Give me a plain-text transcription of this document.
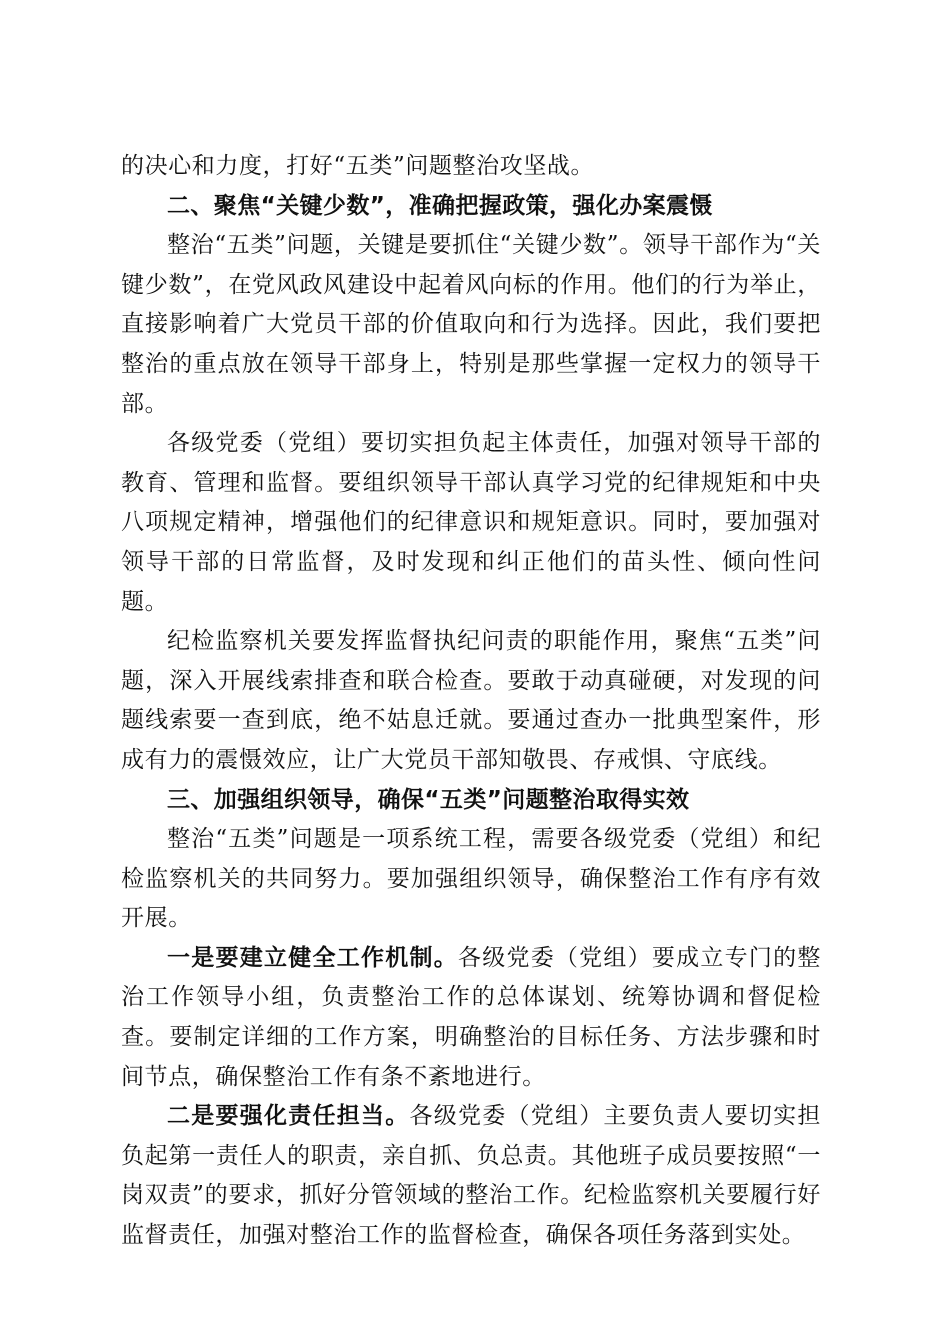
的决心和力度，打好“五类”问题整治攻坚战。

二、聚焦“关键少数”，准确把握政策，强化办案震慑

整治“五类”问题，关键是要抓住“关键少数”。领导干部作为“关键少数”，在党风政风建设中起着风向标的作用。他们的行为举止，直接影响着广大党员干部的价值取向和行为选择。因此，我们要把整治的重点放在领导干部身上，特别是那些掌握一定权力的领导干部。

各级党委（党组）要切实担负起主体责任，加强对领导干部的教育、管理和监督。要组织领导干部认真学习党的纪律规矩和中央八项规定精神，增强他们的纪律意识和规矩意识。同时，要加强对领导干部的日常监督，及时发现和纠正他们的苗头性、倾向性问题。

纪检监察机关要发挥监督执纪问责的职能作用，聚焦“五类”问题，深入开展线索排查和联合检查。要敢于动真碰硬，对发现的问题线索要一查到底，绝不姑息迁就。要通过查办一批典型案件，形成有力的震慑效应，让广大党员干部知敬畏、存戒惧、守底线。

三、加强组织领导，确保“五类”问题整治取得实效

整治“五类”问题是一项系统工程，需要各级党委（党组）和纪检监察机关的共同努力。要加强组织领导，确保整治工作有序有效开展。

一是要建立健全工作机制。各级党委（党组）要成立专门的整治工作领导小组，负责整治工作的总体谋划、统筹协调和督促检查。要制定详细的工作方案，明确整治的目标任务、方法步骤和时间节点，确保整治工作有条不紊地进行。

二是要强化责任担当。各级党委（党组）主要负责人要切实担负起第一责任人的职责，亲自抓、负总责。其他班子成员要按照“一岗双责”的要求，抓好分管领域的整治工作。纪检监察机关要履行好监督责任，加强对整治工作的监督检查，确保各项任务落到实处。
